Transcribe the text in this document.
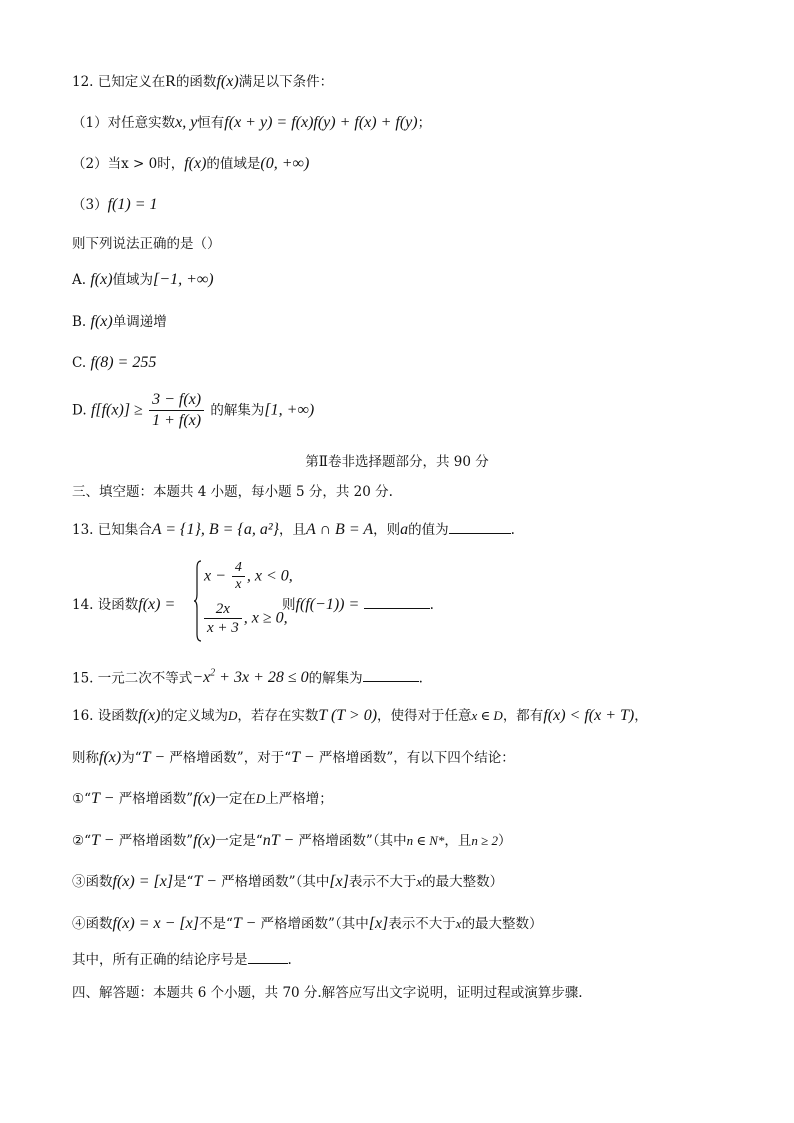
12. 已知定义在R的函数f(x)满足以下条件：
（1）对任意实数x, y恒有f(x + y) = f(x)f(y) + f(x) + f(y)；
（2）当x > 0时，f(x)的值域是(0, +∞)
（3）f(1) = 1
则下列说法正确的是（）
A. f(x)值域为[−1, +∞)
B. f(x)单调递增
C. f(8) = 255
D. $f[f(x)] \ge \frac{3 - f(x)}{1 + f(x)}$ 的解集为[1, +∞)
第Ⅱ卷非选择题部分，共 90 分
三、填空题：本题共 4 小题，每小题 5 分，共 20 分.
13. 已知集合A = {1}, B = {a, a²}，且A ∩ B = A，则a的值为	.
14. 设函数f(x) =
$x - \frac{4}{x}$ , x < 0,
$\frac{2x}{x + 3}$ , x ≥ 0,
则f(f(−1)) =	.
15. 一元二次不等式$-x^2 + 3x + 28 \le 0$的解集为	.
16. 设函数f(x)的定义域为D，若存在实数T (T > 0)，使得对于任意x ∈ D，都有f(x) < f(x + T)，
则称f(x)为“T − 严格增函数”，对于“T − 严格增函数”，有以下四个结论：
①“T − 严格增函数”f(x)一定在D上严格增；
②“T − 严格增函数”f(x)一定是“nT − 严格增函数”（其中n ∈ N*，且n ≥ 2）
③函数f(x) = [x]是“T − 严格增函数”（其中[x]表示不大于x的最大整数）
④函数f(x) = x − [x]不是“T − 严格增函数”（其中[x]表示不大于x的最大整数）
其中，所有正确的结论序号是	.
四、解答题：本题共 6 个小题，共 70 分.解答应写出文字说明，证明过程或演算步骤.
